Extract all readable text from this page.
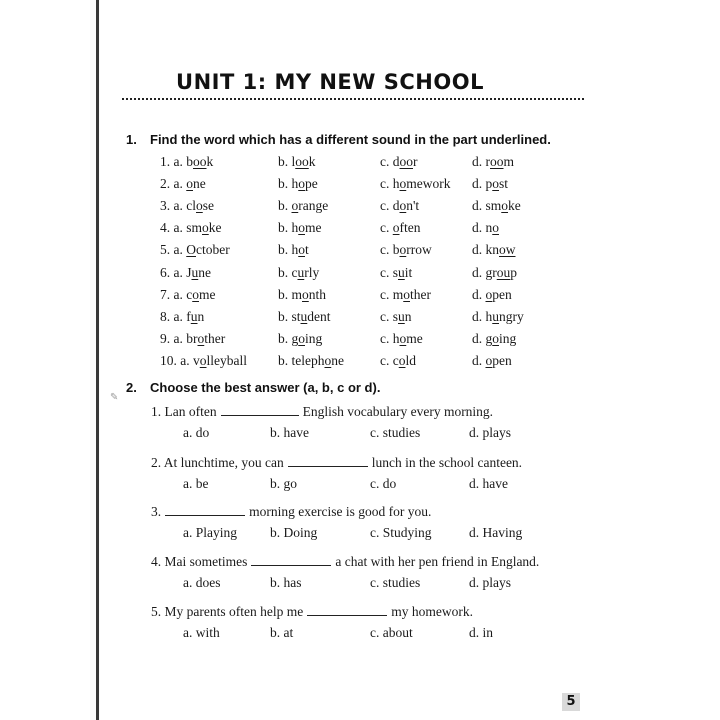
UNIT 1: MY NEW SCHOOL
1. Find the word which has a different sound in the part underlined.
1. a. book	b. look	c. door	d. room
2. a. one	b. hope	c. homework d. post
3. a. close	b. orange	c. don't	d. smoke
4. a. smoke	b. home	c. often	d. no
5. a. October	b. hot	c. borrow	d. know
6. a. June	b. curly	c. suit	d. group
7. a. come	b. month	c. mother	d. open
8. a. fun	b. student	c. sun	d. hungry
9. a. brother	b. going	c. home	d. going
10. a. volleyball b. telephone	c. cold	d. open
✎
2. Choose the best answer (a, b, c or d).
1. Lan often	English vocabulary every morning.
a. do	b. have	c. studies	d. plays
2. At lunchtime, you can	lunch in the school canteen.
a. be	b. go	c. do	d. have
3.	morning exercise is good for you.
a. Playing b. Doing	c. Studying	d. Having
4. Mai sometimes	a chat with her pen friend in England.
a. does	b. has	c. studies	d. plays
5. My parents often help me	my homework.
a. with	b. at	c. about	d. in
5
